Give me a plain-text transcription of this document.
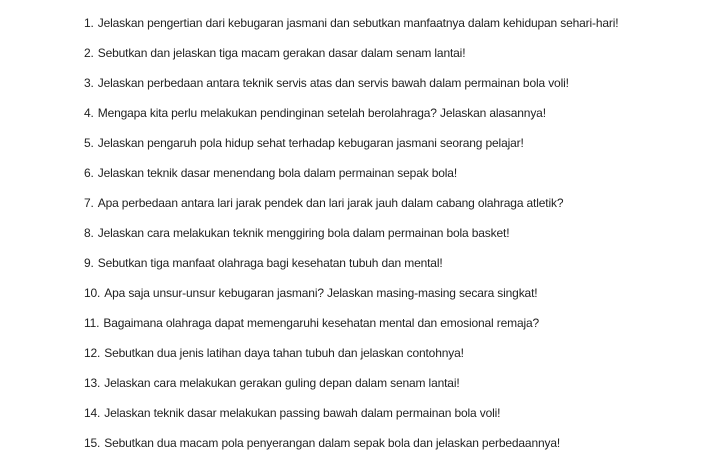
1. Jelaskan pengertian dari kebugaran jasmani dan sebutkan manfaatnya dalam kehidupan sehari-hari!
2. Sebutkan dan jelaskan tiga macam gerakan dasar dalam senam lantai!
3. Jelaskan perbedaan antara teknik servis atas dan servis bawah dalam permainan bola voli!
4. Mengapa kita perlu melakukan pendinginan setelah berolahraga? Jelaskan alasannya!
5. Jelaskan pengaruh pola hidup sehat terhadap kebugaran jasmani seorang pelajar!
6. Jelaskan teknik dasar menendang bola dalam permainan sepak bola!
7. Apa perbedaan antara lari jarak pendek dan lari jarak jauh dalam cabang olahraga atletik?
8. Jelaskan cara melakukan teknik menggiring bola dalam permainan bola basket!
9. Sebutkan tiga manfaat olahraga bagi kesehatan tubuh dan mental!
10. Apa saja unsur-unsur kebugaran jasmani? Jelaskan masing-masing secara singkat!
11. Bagaimana olahraga dapat memengaruhi kesehatan mental dan emosional remaja?
12. Sebutkan dua jenis latihan daya tahan tubuh dan jelaskan contohnya!
13. Jelaskan cara melakukan gerakan guling depan dalam senam lantai!
14. Jelaskan teknik dasar melakukan passing bawah dalam permainan bola voli!
15. Sebutkan dua macam pola penyerangan dalam sepak bola dan jelaskan perbedaannya!
